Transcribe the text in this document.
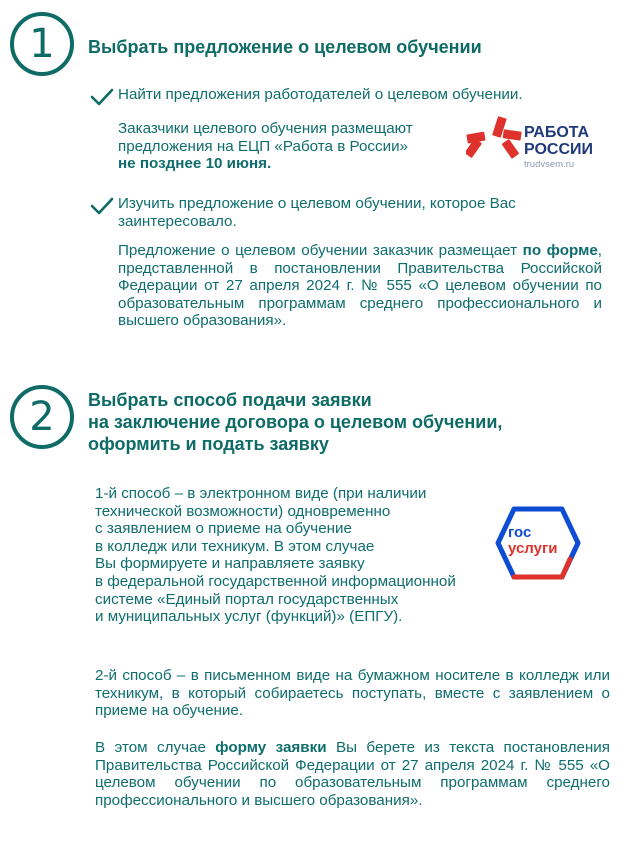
1 Выбрать предложение о целевом обучении
Найти предложения работодателей о целевом обучении.
Заказчики целевого обучения размещают
предложения на ЕЦП «Работа в России»
не позднее 10 июня.
РАБОТА
РОССИИ
trudvsem.ru
Изучить предложение о целевом обучении, которое Вас заинтересовало.
Предложение о целевом обучении заказчик размещает по форме, представленной в постановлении Правительства Российской Федерации от 27 апреля 2024 г. № 555 «О целевом обучении по образовательным программам среднего профессионального и высшего образования».
2 Выбрать способ подачи заявки
на заключение договора о целевом обучении,
оформить и подать заявку
1-й способ – в электронном виде (при наличии
технической возможности) одновременно
с заявлением о приеме на обучение
в колледж или техникум. В этом случае
Вы формируете и направляете заявку
в федеральной государственной информационной
системе «Единый портал государственных
и муниципальных услуг (функций)» (ЕПГУ).
гос
услуги
2-й способ – в письменном виде на бумажном носителе в колледж или техникум, в который собираетесь поступать, вместе с заявлением о приеме на обучение.
В этом случае форму заявки Вы берете из текста постановления Правительства Российской Федерации от 27 апреля 2024 г. № 555 «О целевом обучении по образовательным программам среднего профессионального и высшего образования».
